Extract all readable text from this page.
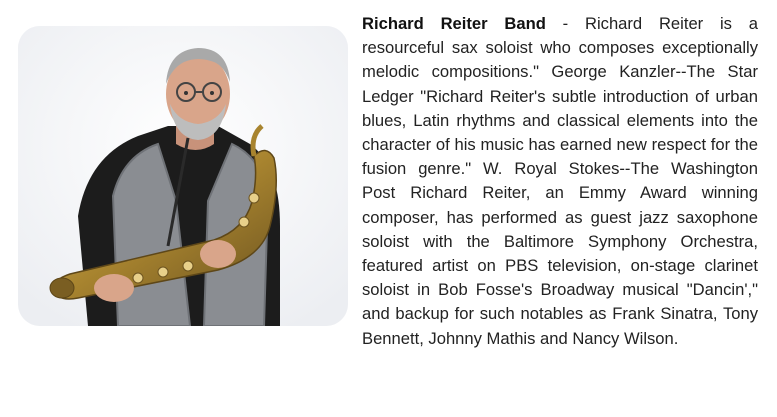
Richard Reiter Band - Richard Reiter is a resourceful sax soloist who composes exceptionally melodic compositions." George Kanzler--The Star Ledger "Richard Reiter's subtle introduction of urban blues, Latin rhythms and classical elements into the character of his music has earned new respect for the fusion genre." W. Royal Stokes--The Washington Post Richard Reiter, an Emmy Award winning composer, has performed as guest jazz saxophone soloist with the Baltimore Symphony Orchestra, featured artist on PBS television, on-stage clarinet soloist in Bob Fosse's Broadway musical "Dancin'," and backup for such notables as Frank Sinatra, Tony Bennett, Johnny Mathis and Nancy Wilson.
